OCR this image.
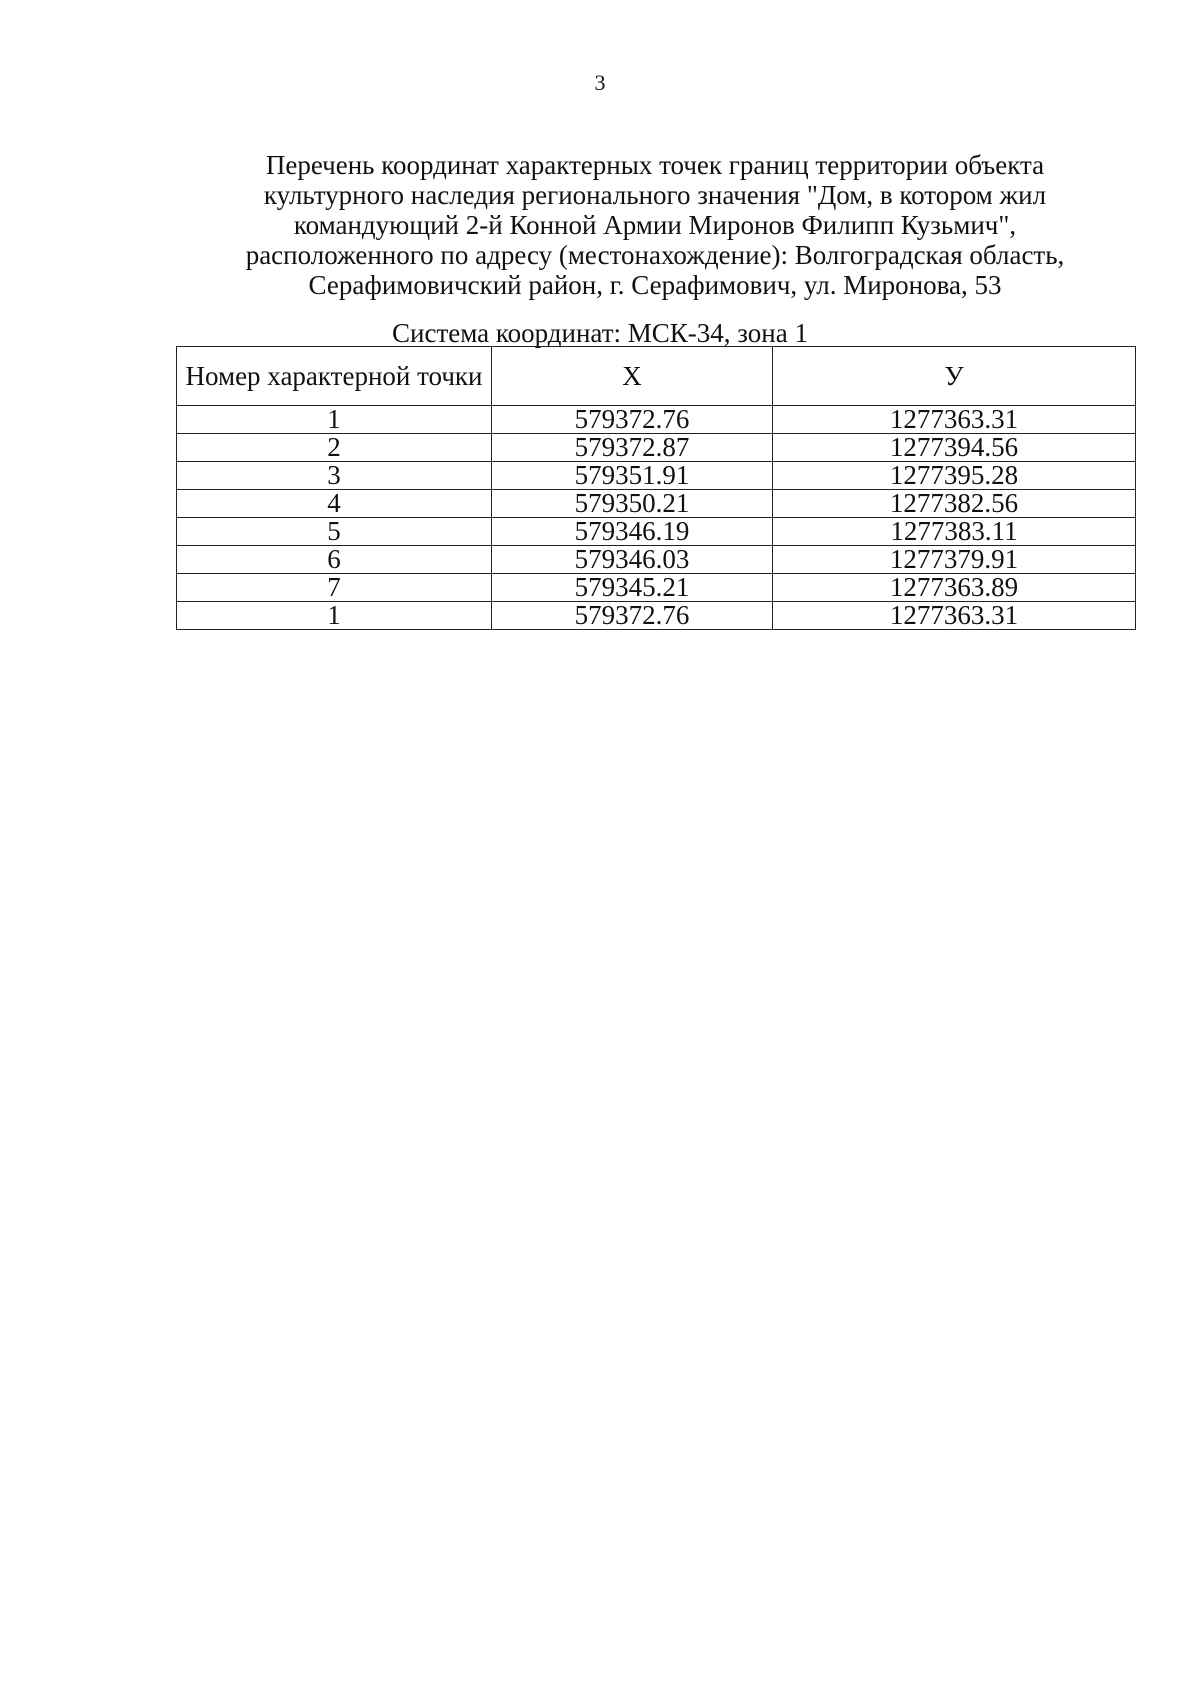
3
Перечень координат характерных точек границ территории объекта
культурного наследия регионального значения "Дом, в котором жил
командующий 2-й Конной Армии Миронов Филипп Кузьмич",
расположенного по адресу (местонахождение): Волгоградская область,
Серафимовичский район, г. Серафимович, ул. Миронова, 53
Система координат: МСК-34, зона 1
Номер характерной точки	X	У
1	579372.76	1277363.31
2	579372.87	1277394.56
3	579351.91	1277395.28
4	579350.21	1277382.56
5	579346.19	1277383.11
6	579346.03	1277379.91
7	579345.21	1277363.89
1	579372.76	1277363.31
